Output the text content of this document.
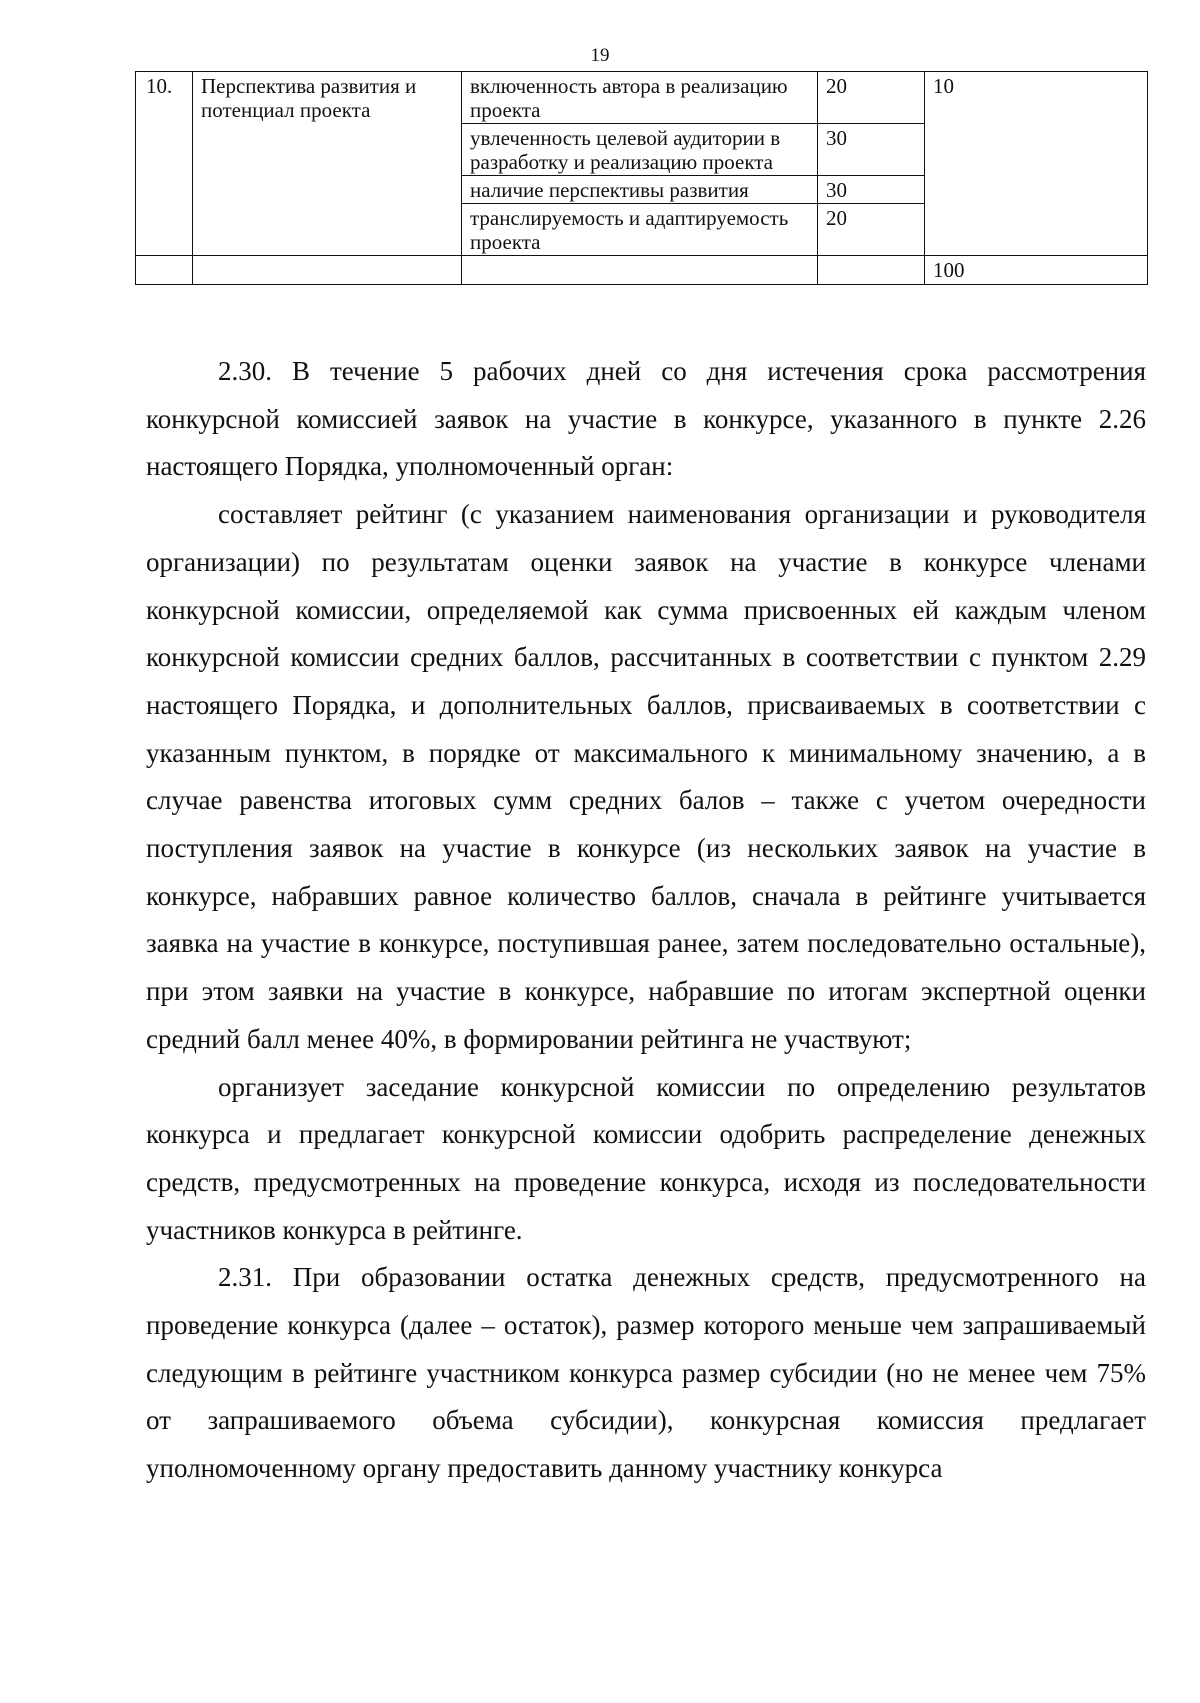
19
10.	Перспектива развития и потенциал проекта	включенность автора в реализацию проекта	20	10
		увлеченность целевой аудитории в разработку и реализацию проекта	30	
		наличие перспективы развития	30	
		транслируемость и адаптируемость проекта	20	
				100

2.30. В течение 5 рабочих дней со дня истечения срока рассмотрения конкурсной комиссией заявок на участие в конкурсе, указанного в пункте 2.26 настоящего Порядка, уполномоченный орган:

составляет рейтинг (с указанием наименования организации и руководителя организации) по результатам оценки заявок на участие в конкурсе членами конкурсной комиссии, определяемой как сумма присвоенных ей каждым членом конкурсной комиссии средних баллов, рассчитанных в соответствии с пунктом 2.29 настоящего Порядка, и дополнительных баллов, присваиваемых в соответствии с указанным пунктом, в порядке от максимального к минимальному значению, а в случае равенства итоговых сумм средних балов – также с учетом очередности поступления заявок на участие в конкурсе (из нескольких заявок на участие в конкурсе, набравших равное количество баллов, сначала в рейтинге учитывается заявка на участие в конкурсе, поступившая ранее, затем последовательно остальные), при этом заявки на участие в конкурсе, набравшие по итогам экспертной оценки средний балл менее 40%, в формировании рейтинга не участвуют;

организует заседание конкурсной комиссии по определению результатов конкурса и предлагает конкурсной комиссии одобрить распределение денежных средств, предусмотренных на проведение конкурса, исходя из последовательности участников конкурса в рейтинге.

2.31. При образовании остатка денежных средств, предусмотренного на проведение конкурса (далее – остаток), размер которого меньше чем запрашиваемый следующим в рейтинге участником конкурса размер субсидии (но не менее чем 75% от запрашиваемого объема субсидии), конкурсная комиссия предлагает уполномоченному органу предоставить данному участнику конкурса
